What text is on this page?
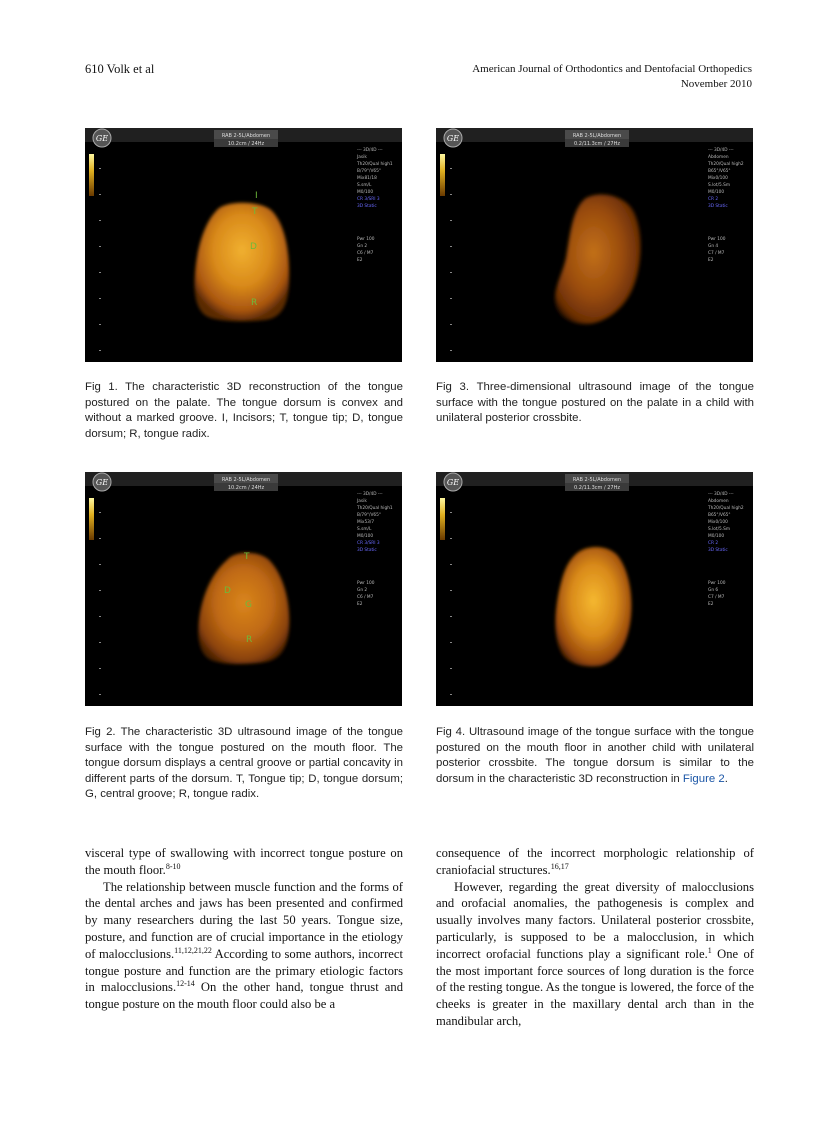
610 Volk et al	American Journal of Orthodontics and Dentofacial Orthopedics
November 2010
GE	RAB 2-5L/Abdomen
10.2cm / 24Hz
--- 3D/4D ---
Jasik
Th20/Qual high1
B/79°/V65°
Mix81/18
S.sm/L
M0/100
CR 3/SRI 3
3D Static
Pwr 100
Gn 2
C6 / M7
E2
I
T
D
R
GE	RAB 2-5L/Abdomen
0.2/11.3cm / 27Hz
--- 3D/4D ---
Abdomen
Th20/Qual high2
B65°/V65°
Mix0/100
S.lot/5.Sm
M0/100
CR 2
3D Static
Pwr 100
Gn 4
C7 / M7
E2
Fig 1. The characteristic 3D reconstruction of the tongue postured on the palate. The tongue dorsum is convex and without a marked groove. I, Incisors; T, tongue tip; D, tongue dorsum; R, tongue radix.
Fig 3. Three-dimensional ultrasound image of the tongue surface with the tongue postured on the palate in a child with unilateral posterior crossbite.
GE	RAB 2-5L/Abdomen
10.2cm / 24Hz
--- 3D/4D ---
Jasik
Th20/Qual high1
B/79°/V65°
Mix53/7
S.sm/L
M0/100
CR 3/SRI 3
3D Static
Pwr 100
Gn 2
C6 / M7
E2
T
D
G
R
GE	RAB 2-5L/Abdomen
0.2/11.3cm / 27Hz
--- 3D/4D ---
Abdomen
Th20/Qual high2
B65°/V65°
Mix0/100
S.lot/5.Sm
M0/100
CR 2
3D Static
Pwr 100
Gn 6
C7 / M7
E2
Fig 2. The characteristic 3D ultrasound image of the tongue surface with the tongue postured on the mouth floor. The tongue dorsum displays a central groove or partial concavity in different parts of the dorsum. T, Tongue tip; D, tongue dorsum; G, central groove; R, tongue radix.
Fig 4. Ultrasound image of the tongue surface with the tongue postured on the mouth floor in another child with unilateral posterior crossbite. The tongue dorsum is similar to the dorsum in the characteristic 3D reconstruction in Figure 2.

visceral type of swallowing with incorrect tongue posture on the mouth floor.$^{8-10}$

The relationship between muscle function and the forms of the dental arches and jaws has been presented and confirmed by many researchers during the last 50 years. Tongue size, posture, and function are of crucial importance in the etiology of malocclusions.$^{11,12,21,22}$ According to some authors, incorrect tongue posture and function are the primary etiologic factors in malocclusions.$^{12-14}$ On the other hand, tongue thrust and tongue posture on the mouth floor could also be a

consequence of the incorrect morphologic relationship of craniofacial structures.$^{16,17}$

However, regarding the great diversity of malocclusions and orofacial anomalies, the pathogenesis is complex and usually involves many factors. Unilateral posterior crossbite, particularly, is supposed to be a malocclusion, in which incorrect orofacial functions play a significant role.$^1$ One of the most important force sources of long duration is the force of the resting tongue. As the tongue is lowered, the force of the cheeks is greater in the maxillary dental arch than in the mandibular arch,
